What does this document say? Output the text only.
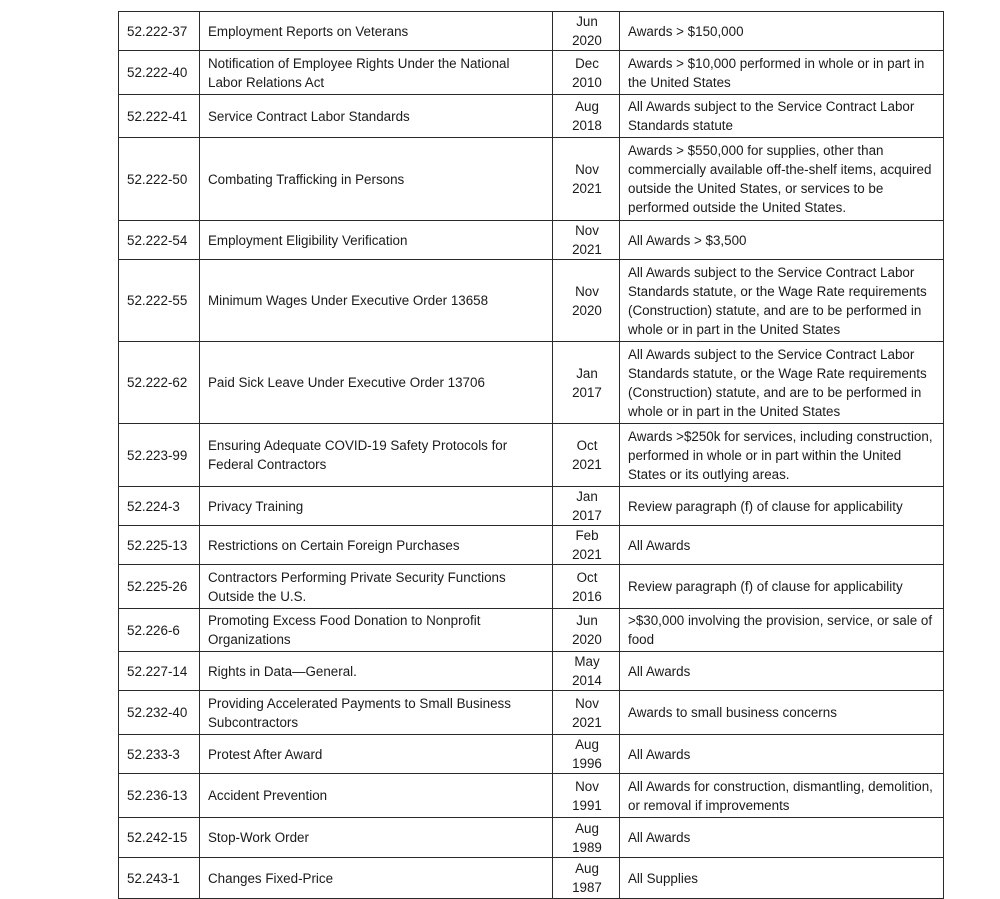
52.222-37	Employment Reports on Veterans	Jun 2020	Awards > $150,000
52.222-40	Notification of Employee Rights Under the National Labor Relations Act	Dec 2010	Awards > $10,000 performed in whole or in part in the United States
52.222-41	Service Contract Labor Standards	Aug 2018	All Awards subject to the Service Contract Labor Standards statute
52.222-50	Combating Trafficking in Persons	Nov 2021	Awards > $550,000 for supplies, other than commercially available off-the-shelf items, acquired outside the United States, or services to be performed outside the United States.
52.222-54	Employment Eligibility Verification	Nov 2021	All Awards > $3,500
52.222-55	Minimum Wages Under Executive Order 13658	Nov 2020	All Awards subject to the Service Contract Labor Standards statute, or the Wage Rate requirements (Construction) statute, and are to be performed in whole or in part in the United States
52.222-62	Paid Sick Leave Under Executive Order 13706	Jan 2017	All Awards subject to the Service Contract Labor Standards statute, or the Wage Rate requirements (Construction) statute, and are to be performed in whole or in part in the United States
52.223-99	Ensuring Adequate COVID-19 Safety Protocols for Federal Contractors	Oct 2021	Awards >$250k for services, including construction, performed in whole or in part within the United States or its outlying areas.
52.224-3	Privacy Training	Jan 2017	Review paragraph (f) of clause for applicability
52.225-13	Restrictions on Certain Foreign Purchases	Feb 2021	All Awards
52.225-26	Contractors Performing Private Security Functions Outside the U.S.	Oct 2016	Review paragraph (f) of clause for applicability
52.226-6	Promoting Excess Food Donation to Nonprofit Organizations	Jun 2020	>$30,000 involving the provision, service, or sale of food
52.227-14	Rights in Data—General.	May 2014	All Awards
52.232-40	Providing Accelerated Payments to Small Business Subcontractors	Nov 2021	Awards to small business concerns
52.233-3	Protest After Award	Aug 1996	All Awards
52.236-13	Accident Prevention	Nov 1991	All Awards for construction, dismantling, demolition, or removal if improvements
52.242-15	Stop-Work Order	Aug 1989	All Awards
52.243-1	Changes Fixed-Price	Aug 1987	All Supplies
